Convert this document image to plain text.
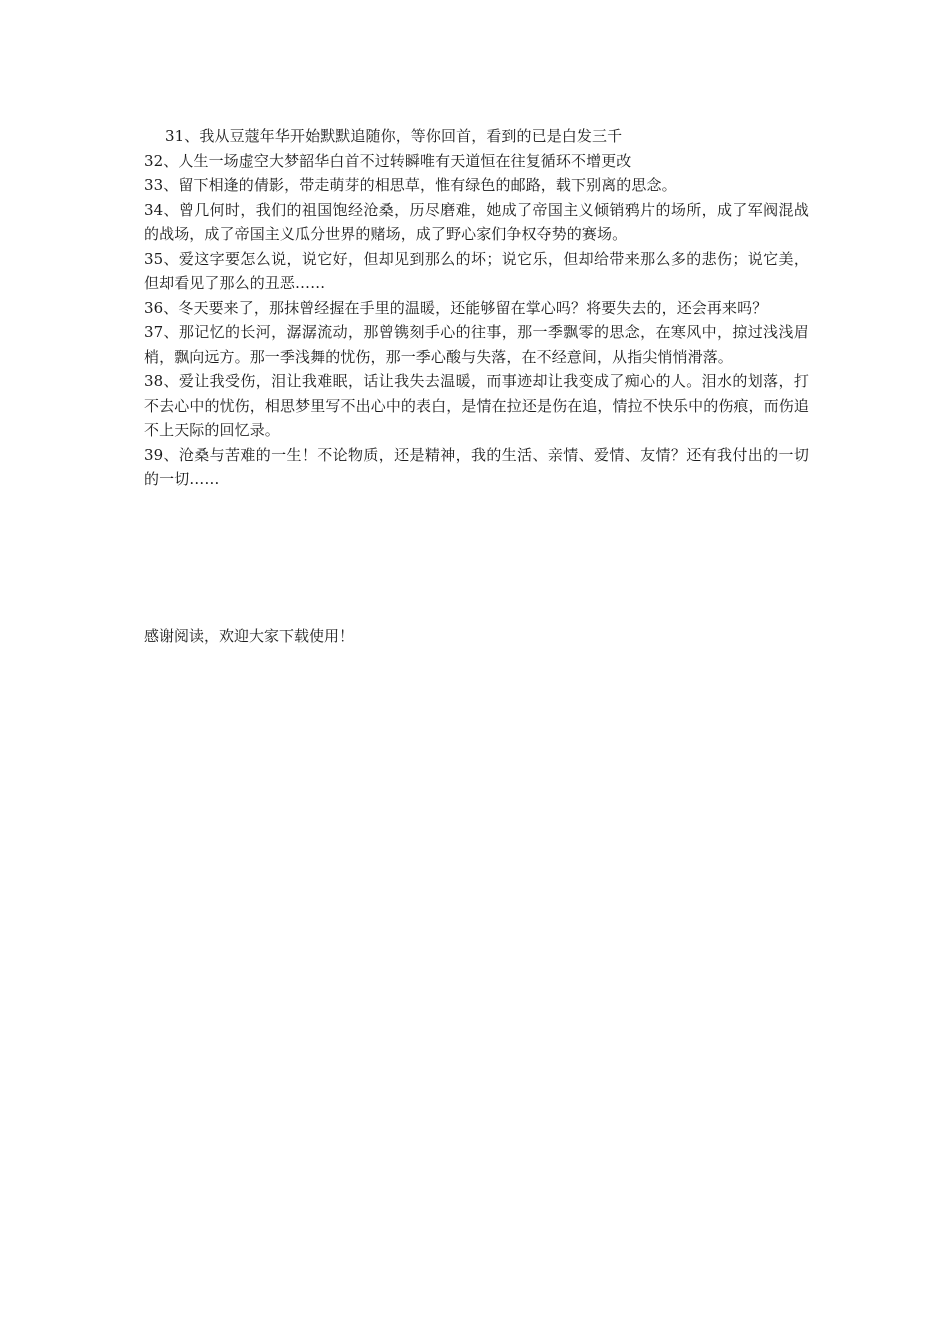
31、我从豆蔻年华开始默默追随你，等你回首，看到的已是白发三千

32、人生一场虚空大梦韶华白首不过转瞬唯有天道恒在往复循环不增更改

33、留下相逢的倩影，带走萌芽的相思草，惟有绿色的邮路，载下别离的思念。

34、曾几何时，我们的祖国饱经沧桑，历尽磨难，她成了帝国主义倾销鸦片的场所，成了军阀混战的战场，成了帝国主义瓜分世界的赌场，成了野心家们争权夺势的赛场。

35、爱这字要怎么说，说它好，但却见到那么的坏；说它乐，但却给带来那么多的悲伤；说它美，但却看见了那么的丑恶……

36、冬天要来了，那抹曾经握在手里的温暖，还能够留在掌心吗？将要失去的，还会再来吗？

37、那记忆的长河，潺潺流动，那曾镌刻手心的往事，那一季飘零的思念，在寒风中，掠过浅浅眉梢，飘向远方。那一季浅舞的忧伤，那一季心酸与失落，在不经意间，从指尖悄悄滑落。

38、爱让我受伤，泪让我难眠，话让我失去温暖，而事迹却让我变成了痴心的人。泪水的划落，打不去心中的忧伤，相思梦里写不出心中的表白，是情在拉还是伤在追，情拉不快乐中的伤痕，而伤追不上天际的回忆录。

39、沧桑与苦难的一生！不论物质，还是精神，我的生活、亲情、爱情、友情？还有我付出的一切的一切……

感谢阅读，欢迎大家下载使用！
